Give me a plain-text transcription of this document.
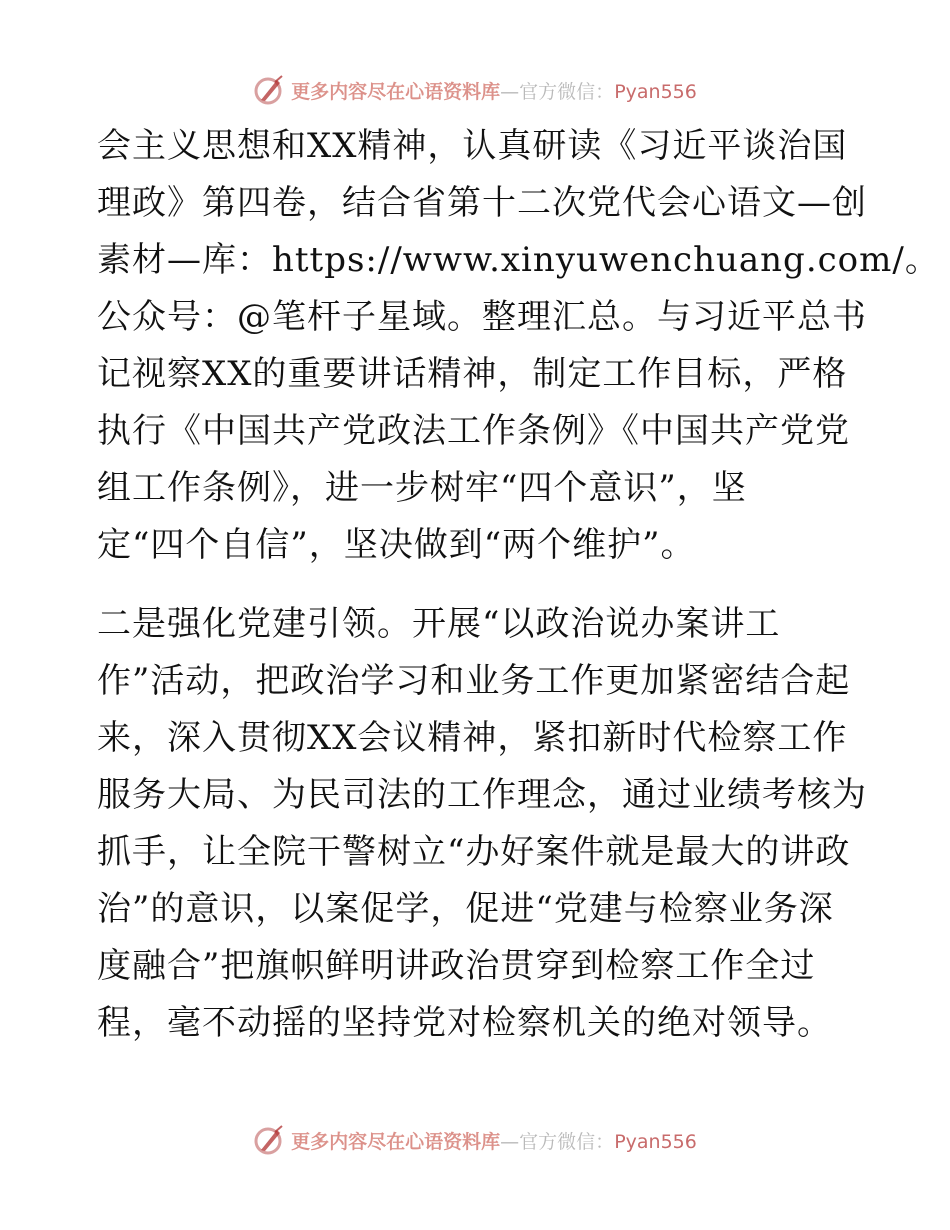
更多内容尽在心语资料库—官方微信：Pyan556
会主义思想和XX精神，认真研读《习近平谈治国
理政》第四卷，结合省第十二次党代会心语文—创
素材—库：https://www.xinyuwenchuang.com/。
公众号：@笔杆子星域。整理汇总。与习近平总书
记视察XX的重要讲话精神，制定工作目标，严格
执行《中国共产党政法工作条例》《中国共产党党
组工作条例》，进一步树牢“四个意识”，坚
定“四个自信”，坚决做到“两个维护”。
二是强化党建引领。开展“以政治说办案讲工
作”活动，把政治学习和业务工作更加紧密结合起
来，深入贯彻XX会议精神，紧扣新时代检察工作
服务大局、为民司法的工作理念，通过业绩考核为
抓手，让全院干警树立“办好案件就是最大的讲政
治”的意识，以案促学，促进“党建与检察业务深
度融合”把旗帜鲜明讲政治贯穿到检察工作全过
程，毫不动摇的坚持党对检察机关的绝对领导。
更多内容尽在心语资料库—官方微信：Pyan556
